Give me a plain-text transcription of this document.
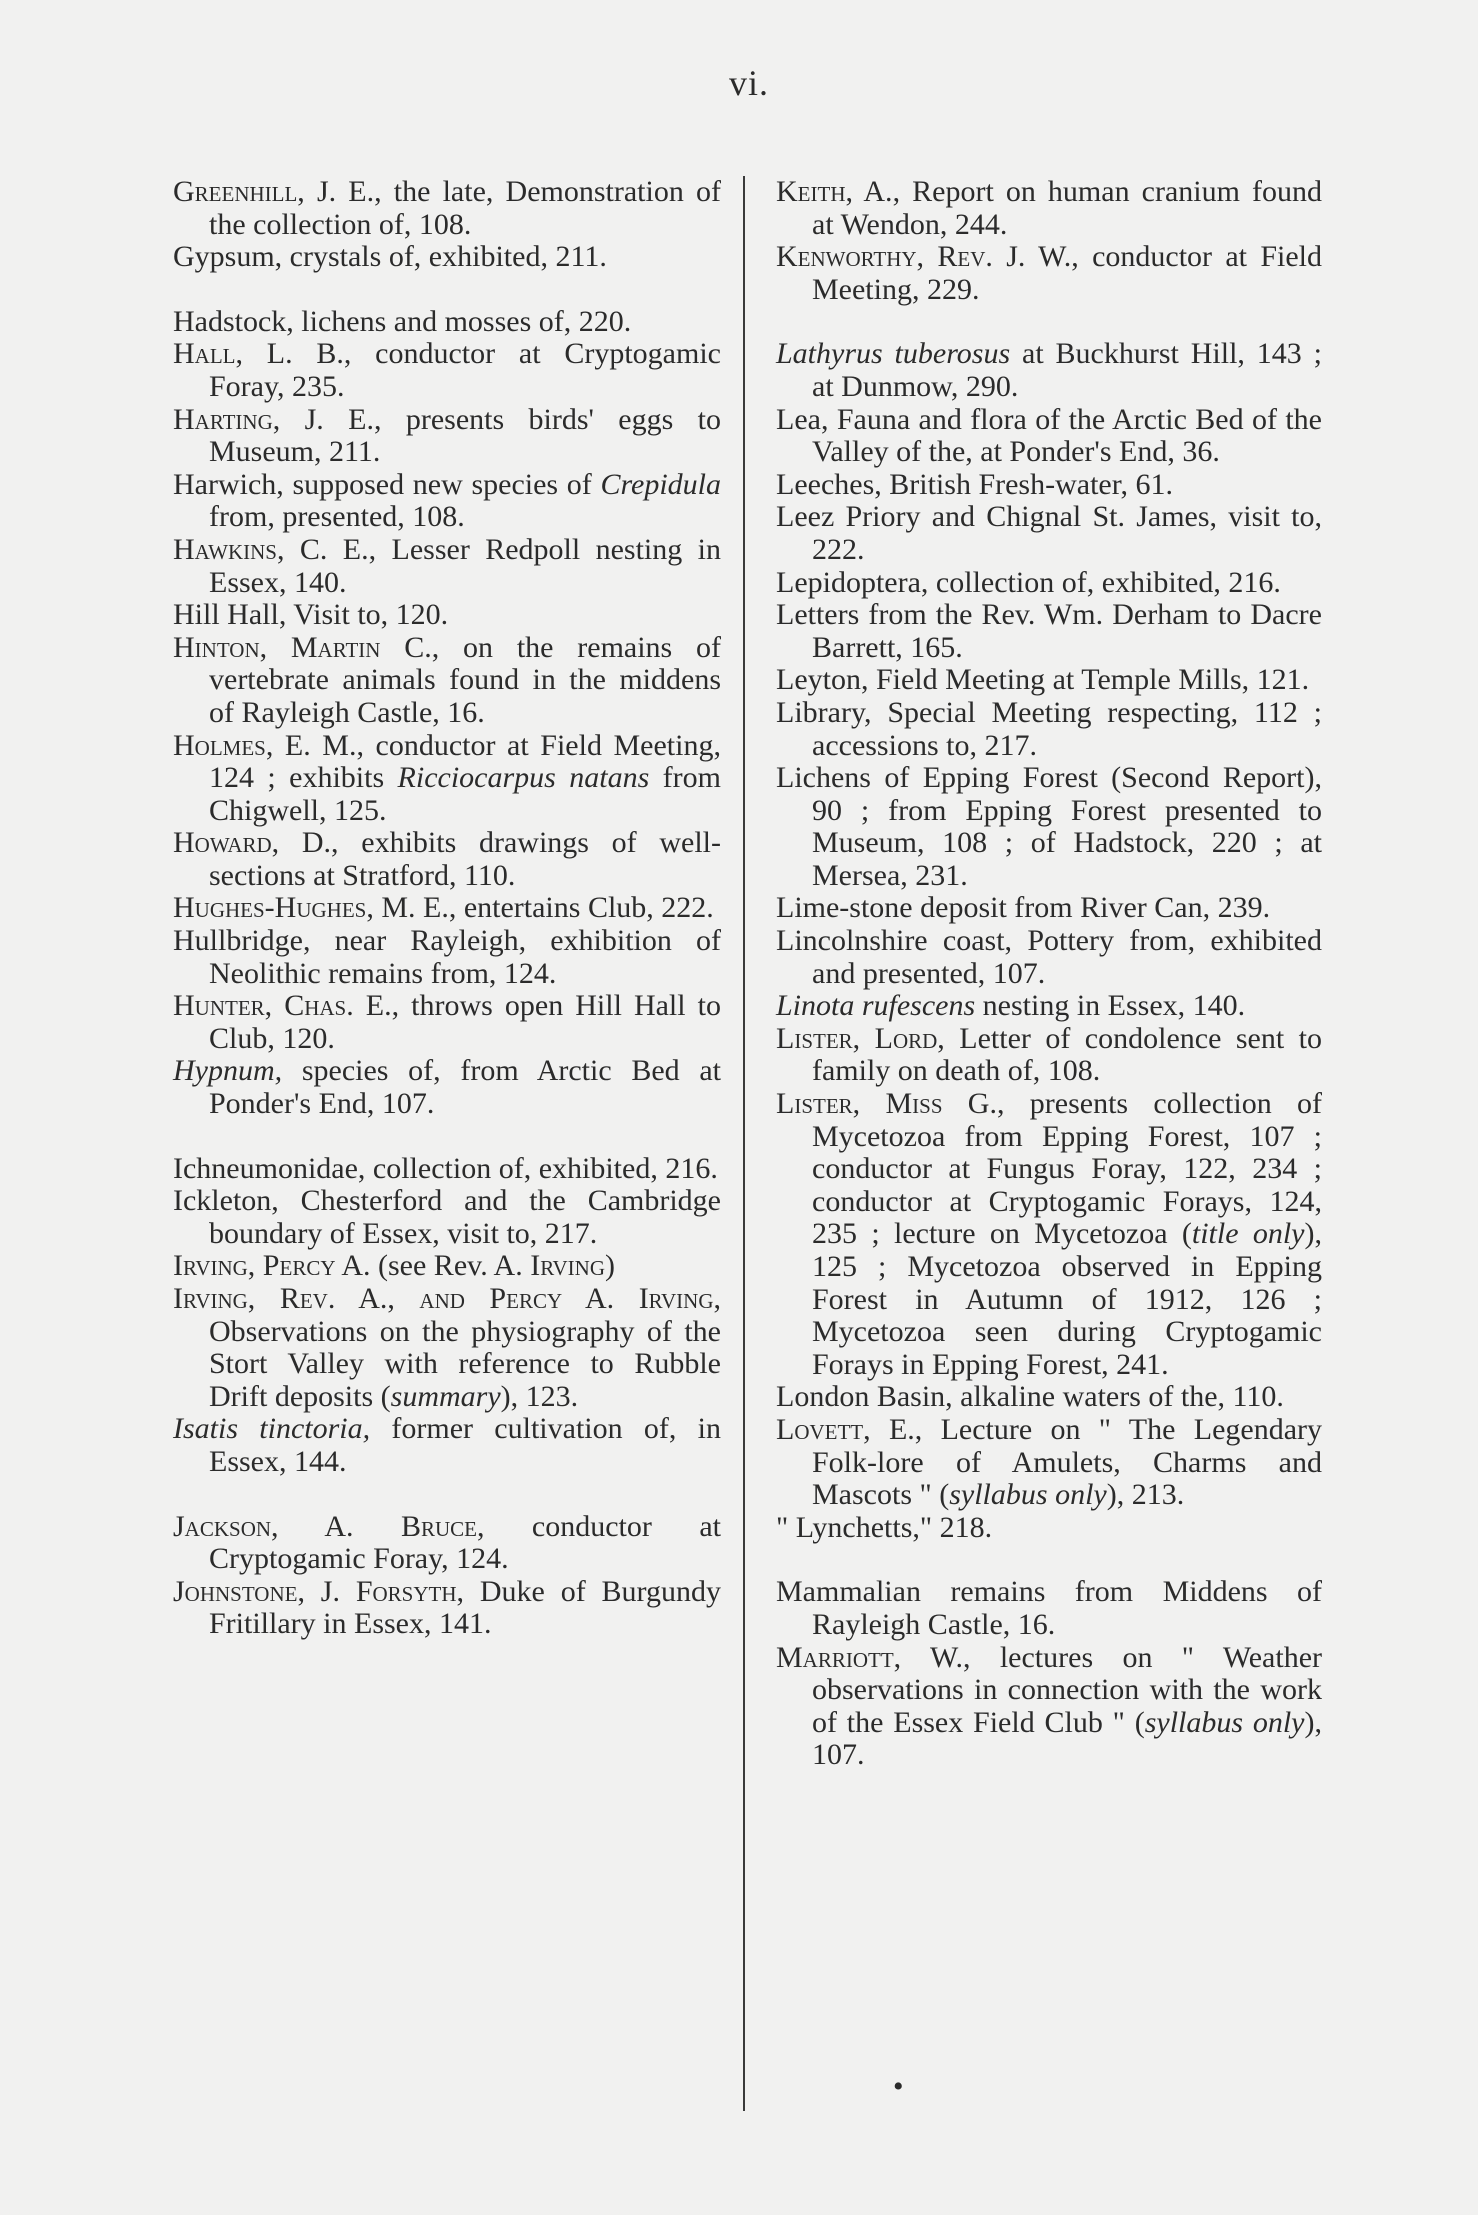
vi.
Greenhill, J. E., the late, Demonstration of the collection of, 108.
Gypsum, crystals of, exhibited, 211.
Hadstock, lichens and mosses of, 220.
Hall, L. B., conductor at Cryptogamic Foray, 235.
Harting, J. E., presents birds' eggs to Museum, 211.
Harwich, supposed new species of Crepidula from, presented, 108.
Hawkins, C. E., Lesser Redpoll nesting in Essex, 140.
Hill Hall, Visit to, 120.
Hinton, Martin C., on the remains of vertebrate animals found in the middens of Rayleigh Castle, 16.
Holmes, E. M., conductor at Field Meeting, 124 ; exhibits Ricciocarpus natans from Chigwell, 125.
Howard, D., exhibits drawings of well-sections at Stratford, 110.
Hughes-Hughes, M. E., entertains Club, 222.
Hullbridge, near Rayleigh, exhibition of Neolithic remains from, 124.
Hunter, Chas. E., throws open Hill Hall to Club, 120.
Hypnum, species of, from Arctic Bed at Ponder's End, 107.
Ichneumonidae, collection of, exhibited, 216.
Ickleton, Chesterford and the Cambridge boundary of Essex, visit to, 217.
Irving, Percy A. (see Rev. A. Irving)
Irving, Rev. A., and Percy A. Irving, Observations on the physiography of the Stort Valley with reference to Rubble Drift deposits (summary), 123.
Isatis tinctoria, former cultivation of, in Essex, 144.
Jackson, A. Bruce, conductor at Cryptogamic Foray, 124.
Johnstone, J. Forsyth, Duke of Burgundy Fritillary in Essex, 141.
Keith, A., Report on human cranium found at Wendon, 244.
Kenworthy, Rev. J. W., conductor at Field Meeting, 229.
Lathyrus tuberosus at Buckhurst Hill, 143 ; at Dunmow, 290.
Lea, Fauna and flora of the Arctic Bed of the Valley of the, at Ponder's End, 36.
Leeches, British Fresh-water, 61.
Leez Priory and Chignal St. James, visit to, 222.
Lepidoptera, collection of, exhibited, 216.
Letters from the Rev. Wm. Derham to Dacre Barrett, 165.
Leyton, Field Meeting at Temple Mills, 121.
Library, Special Meeting respecting, 112 ; accessions to, 217.
Lichens of Epping Forest (Second Report), 90 ; from Epping Forest presented to Museum, 108 ; of Hadstock, 220 ; at Mersea, 231.
Lime-stone deposit from River Can, 239.
Lincolnshire coast, Pottery from, exhibited and presented, 107.
Linota rufescens nesting in Essex, 140.
Lister, Lord, Letter of condolence sent to family on death of, 108.
Lister, Miss G., presents collection of Mycetozoa from Epping Forest, 107 ; conductor at Fungus Foray, 122, 234 ; conductor at Cryptogamic Forays, 124, 235 ; lecture on Mycetozoa (title only), 125 ; Mycetozoa observed in Epping Forest in Autumn of 1912, 126 ; Mycetozoa seen during Cryptogamic Forays in Epping Forest, 241.
London Basin, alkaline waters of the, 110.
Lovett, E., Lecture on " The Legendary Folk-lore of Amulets, Charms and Mascots " (syllabus only), 213.
" Lynchetts," 218.
Mammalian remains from Middens of Rayleigh Castle, 16.
Marriott, W., lectures on " Weather observations in connection with the work of the Essex Field Club " (syllabus only), 107.
•
